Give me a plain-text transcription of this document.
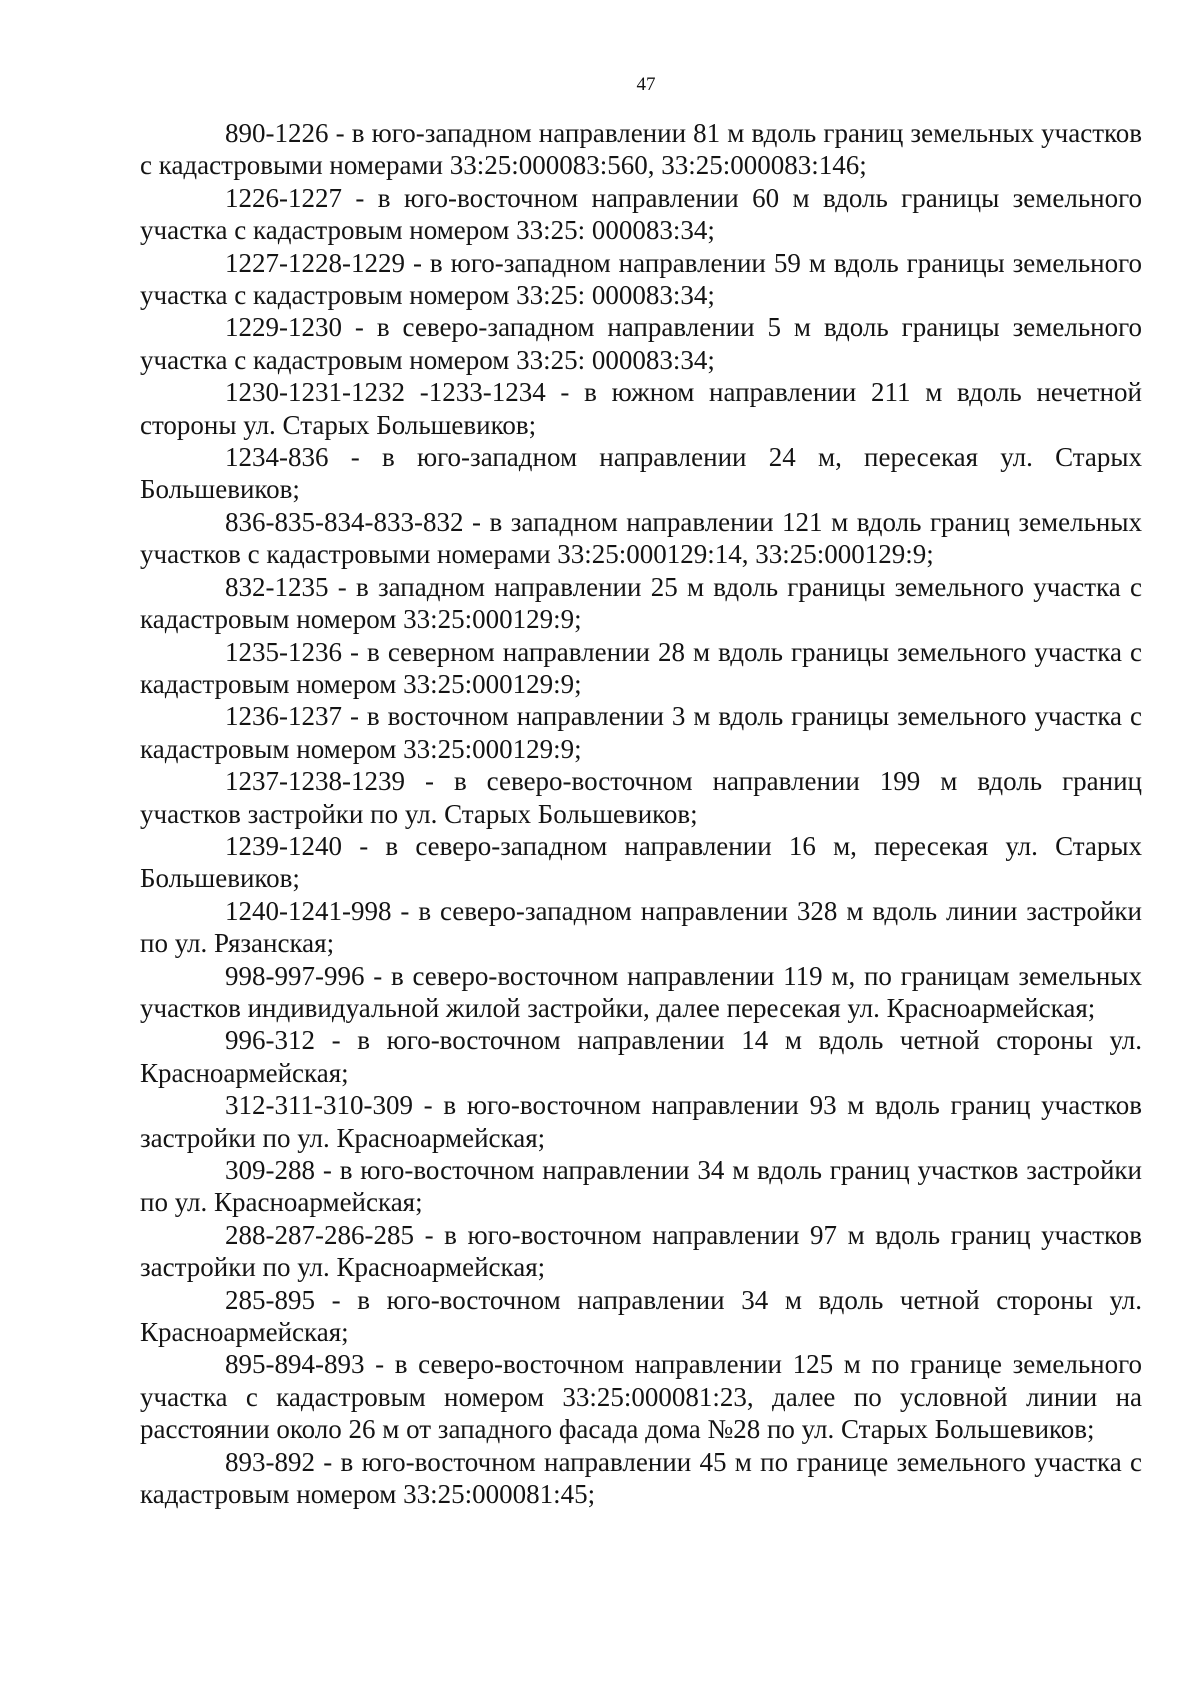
47

890-1226 - в юго-западном направлении 81 м вдоль границ земельных участков с кадастровыми номерами 33:25:000083:560, 33:25:000083:146;

1226-1227 - в юго-восточном направлении 60 м вдоль границы земельного участка с кадастровым номером 33:25: 000083:34;

1227-1228-1229 - в юго-западном направлении 59 м вдоль границы земельного участка с кадастровым номером 33:25: 000083:34;

1229-1230 - в северо-западном направлении 5 м вдоль границы земельного участка с кадастровым номером 33:25: 000083:34;

1230-1231-1232 -1233-1234 - в южном направлении 211 м вдоль нечетной стороны ул. Старых Большевиков;

1234-836 - в юго-западном направлении 24 м, пересекая ул. Старых Большевиков;

836-835-834-833-832 - в западном направлении 121 м вдоль границ земельных участков с кадастровыми номерами 33:25:000129:14, 33:25:000129:9;

832-1235 - в западном направлении 25 м вдоль границы земельного участка с кадастровым номером 33:25:000129:9;

1235-1236 - в северном направлении 28 м вдоль границы земельного участка с кадастровым номером 33:25:000129:9;

1236-1237 - в восточном направлении 3 м вдоль границы земельного участка с кадастровым номером 33:25:000129:9;

1237-1238-1239 - в северо-восточном направлении 199 м вдоль границ участков застройки по ул. Старых Большевиков;

1239-1240 - в северо-западном направлении 16 м, пересекая ул. Старых Большевиков;

1240-1241-998 - в северо-западном направлении 328 м вдоль линии застройки по ул. Рязанская;

998-997-996 - в северо-восточном направлении 119 м, по границам земельных участков индивидуальной жилой застройки, далее пересекая ул. Красноармейская;

996-312 - в юго-восточном направлении 14 м вдоль четной стороны ул. Красноармейская;

312-311-310-309 - в юго-восточном направлении 93 м вдоль границ участков застройки по ул. Красноармейская;

309-288 - в юго-восточном направлении 34 м вдоль границ участков застройки по ул. Красноармейская;

288-287-286-285 - в юго-восточном направлении 97 м вдоль границ участков застройки по ул. Красноармейская;

285-895 - в юго-восточном направлении 34 м вдоль четной стороны ул. Красноармейская;

895-894-893 - в северо-восточном направлении 125 м по границе земельного участка с кадастровым номером 33:25:000081:23, далее по условной линии на расстоянии около 26 м от западного фасада дома №28 по ул. Старых Большевиков;

893-892 - в юго-восточном направлении 45 м по границе земельного участка с кадастровым номером 33:25:000081:45;
